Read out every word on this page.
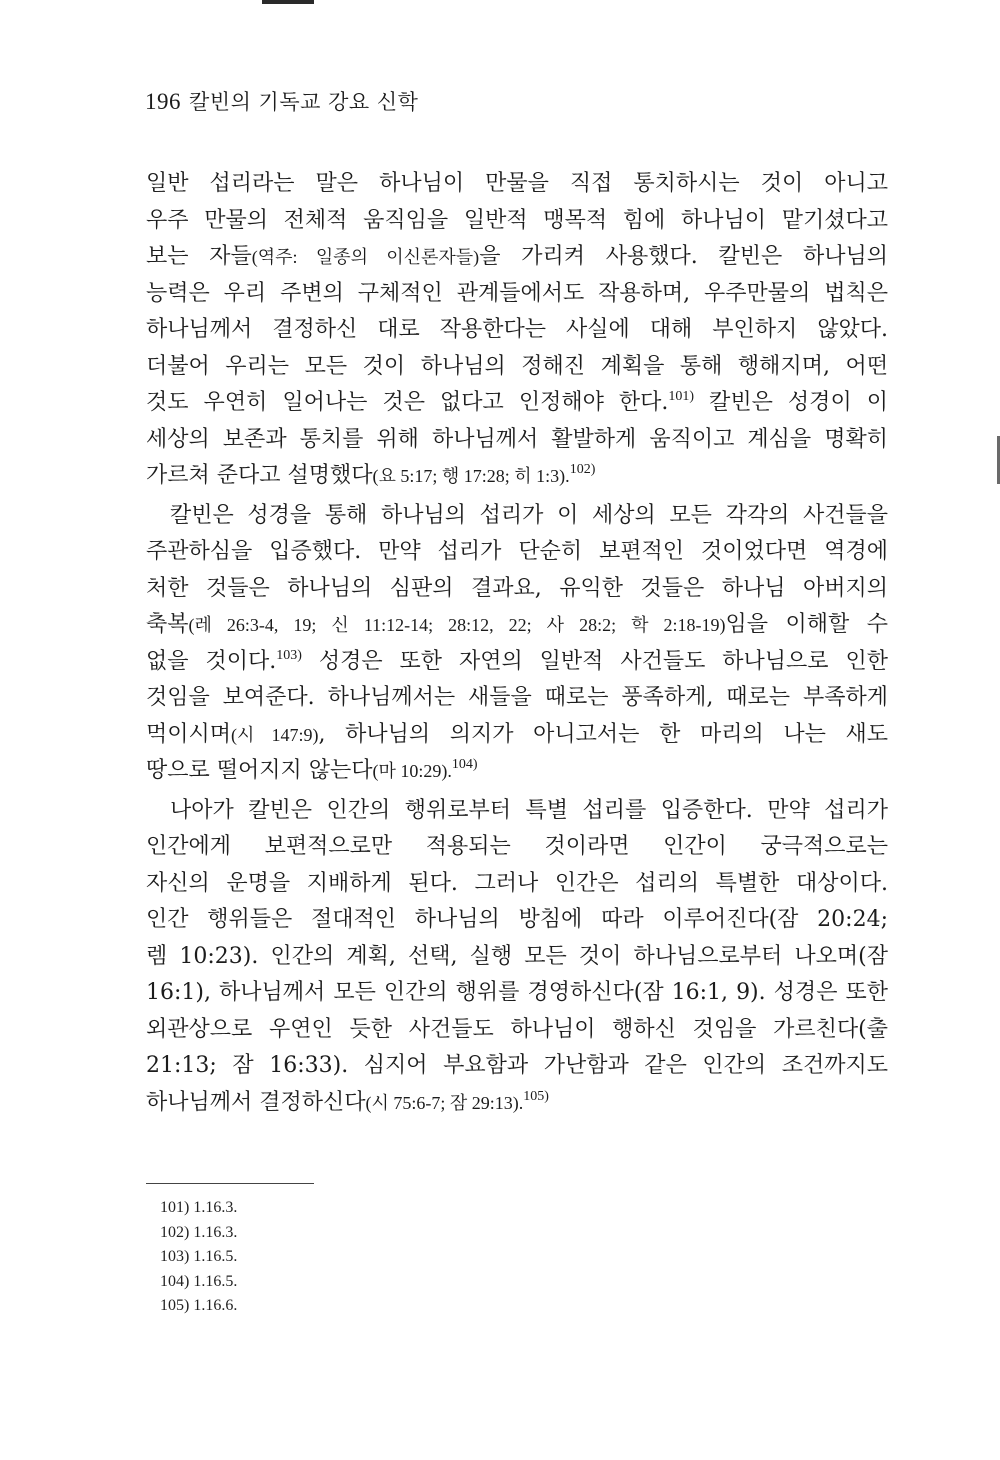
196 칼빈의 기독교 강요 신학
일반 섭리라는 말은 하나님이 만물을 직접 통치하시는 것이 아니고
우주 만물의 전체적 움직임을 일반적 맹목적 힘에 하나님이 맡기셨다고
보는 자들(역주: 일종의 이신론자들)을 가리켜 사용했다. 칼빈은 하나님의
능력은 우리 주변의 구체적인 관계들에서도 작용하며, 우주만물의 법칙은
하나님께서 결정하신 대로 작용한다는 사실에 대해 부인하지 않았다.
더불어 우리는 모든 것이 하나님의 정해진 계획을 통해 행해지며, 어떤
것도 우연히 일어나는 것은 없다고 인정해야 한다.$^{101)}$ 칼빈은 성경이 이
세상의 보존과 통치를 위해 하나님께서 활발하게 움직이고 계심을 명확히
가르쳐 준다고 설명했다(요 5:17; 행 17:28; 히 1:3).$^{102)}$
칼빈은 성경을 통해 하나님의 섭리가 이 세상의 모든 각각의 사건들을
주관하심을 입증했다. 만약 섭리가 단순히 보편적인 것이었다면 역경에
처한 것들은 하나님의 심판의 결과요, 유익한 것들은 하나님 아버지의
축복(레 26:3-4, 19; 신 11:12-14; 28:12, 22; 사 28:2; 학 2:18-19)임을 이해할 수
없을 것이다.$^{103)}$ 성경은 또한 자연의 일반적 사건들도 하나님으로 인한
것임을 보여준다. 하나님께서는 새들을 때로는 풍족하게, 때로는 부족하게
먹이시며(시 147:9), 하나님의 의지가 아니고서는 한 마리의 나는 새도
땅으로 떨어지지 않는다(마 10:29).$^{104)}$
나아가 칼빈은 인간의 행위로부터 특별 섭리를 입증한다. 만약 섭리가
인간에게 보편적으로만 적용되는 것이라면 인간이 궁극적으로는
자신의 운명을 지배하게 된다. 그러나 인간은 섭리의 특별한 대상이다.
인간 행위들은 절대적인 하나님의 방침에 따라 이루어진다(잠 20:24;
렘 10:23). 인간의 계획, 선택, 실행 모든 것이 하나님으로부터 나오며(잠
16:1), 하나님께서 모든 인간의 행위를 경영하신다(잠 16:1, 9). 성경은 또한
외관상으로 우연인 듯한 사건들도 하나님이 행하신 것임을 가르친다(출
21:13; 잠 16:33). 심지어 부요함과 가난함과 같은 인간의 조건까지도
하나님께서 결정하신다(시 75:6-7; 잠 29:13).$^{105)}$
101) 1.16.3.
102) 1.16.3.
103) 1.16.5.
104) 1.16.5.
105) 1.16.6.
